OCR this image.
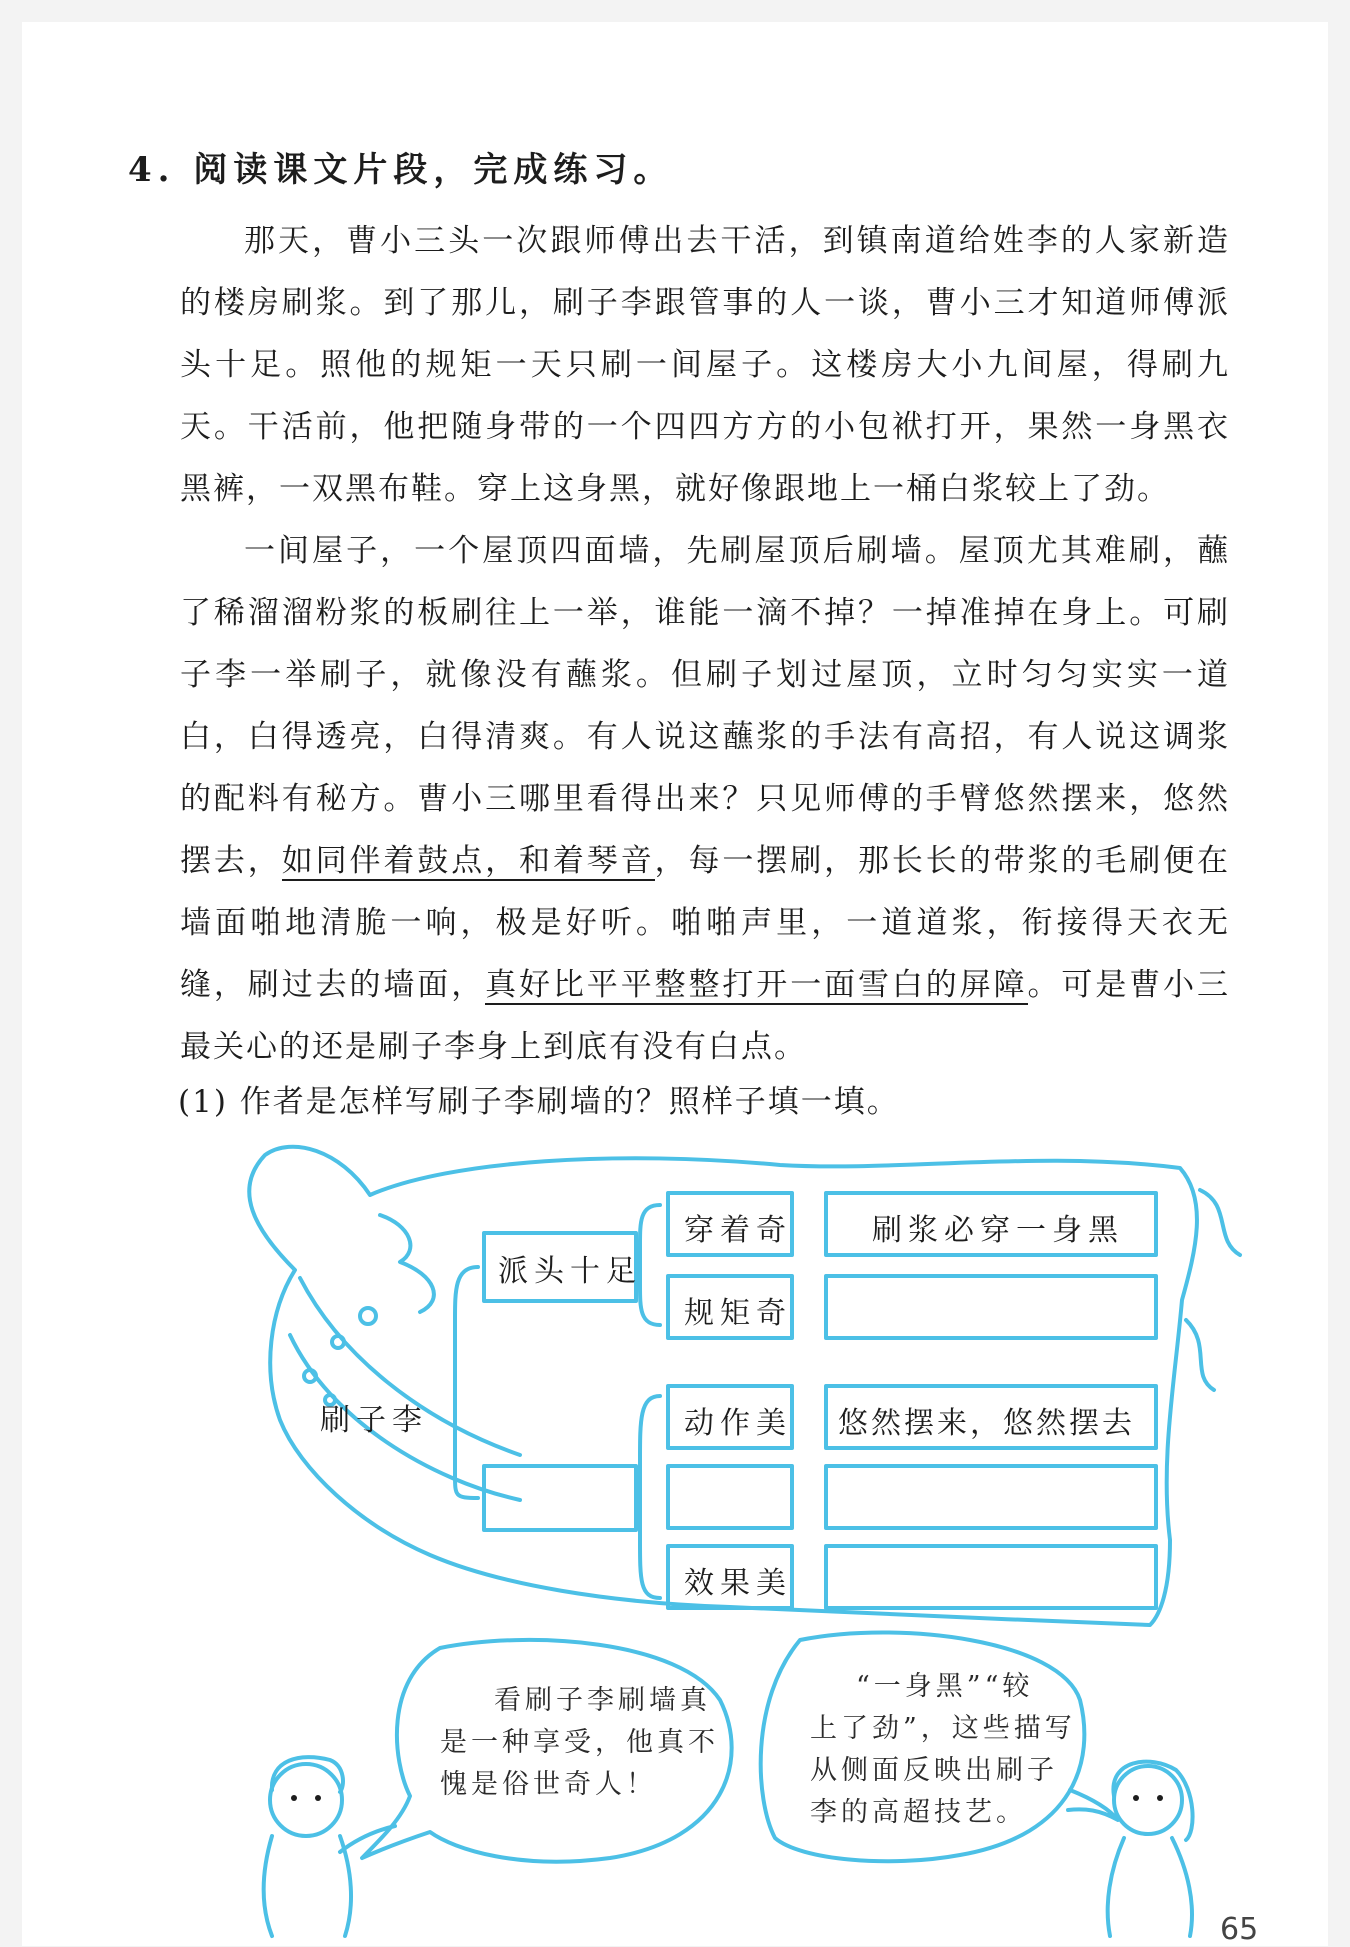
4. 阅读课文片段，完成练习。

那天，曹小三头一次跟师傅出去干活，到镇南道给姓李的人家新造的楼房刷浆。到了那儿，刷子李跟管事的人一谈，曹小三才知道师傅派头十足。照他的规矩一天只刷一间屋子。这楼房大小九间屋，得刷九天。干活前，他把随身带的一个四四方方的小包袱打开，果然一身黑衣黑裤，一双黑布鞋。穿上这身黑，就好像跟地上一桶白浆较上了劲。

一间屋子，一个屋顶四面墙，先刷屋顶后刷墙。屋顶尤其难刷，蘸了稀溜溜粉浆的板刷往上一举，谁能一滴不掉？一掉准掉在身上。可刷子李一举刷子，就像没有蘸浆。但刷子划过屋顶，立时匀匀实实一道白，白得透亮，白得清爽。有人说这蘸浆的手法有高招，有人说这调浆的配料有秘方。曹小三哪里看得出来？只见师傅的手臂悠然摆来，悠然摆去，如同伴着鼓点，和着琴音，每一摆刷，那长长的带浆的毛刷便在墙面啪地清脆一响，极是好听。啪啪声里，一道道浆，衔接得天衣无缝，刷过去的墙面，真好比平平整整打开一面雪白的屏障。可是曹小三最关心的还是刷子李身上到底有没有白点。

(1) 作者是怎样写刷子李刷墙的？照样子填一填。
刷子李
派头十足
穿着奇
规矩奇
动作美
效果美
刷浆必穿一身黑
悠然摆来，悠然摆去
看刷子李刷墙真
是一种享受，他真不
愧是俗世奇人！
“一身黑”“较
上了劲”，这些描写
从侧面反映出刷子
李的高超技艺。
65
